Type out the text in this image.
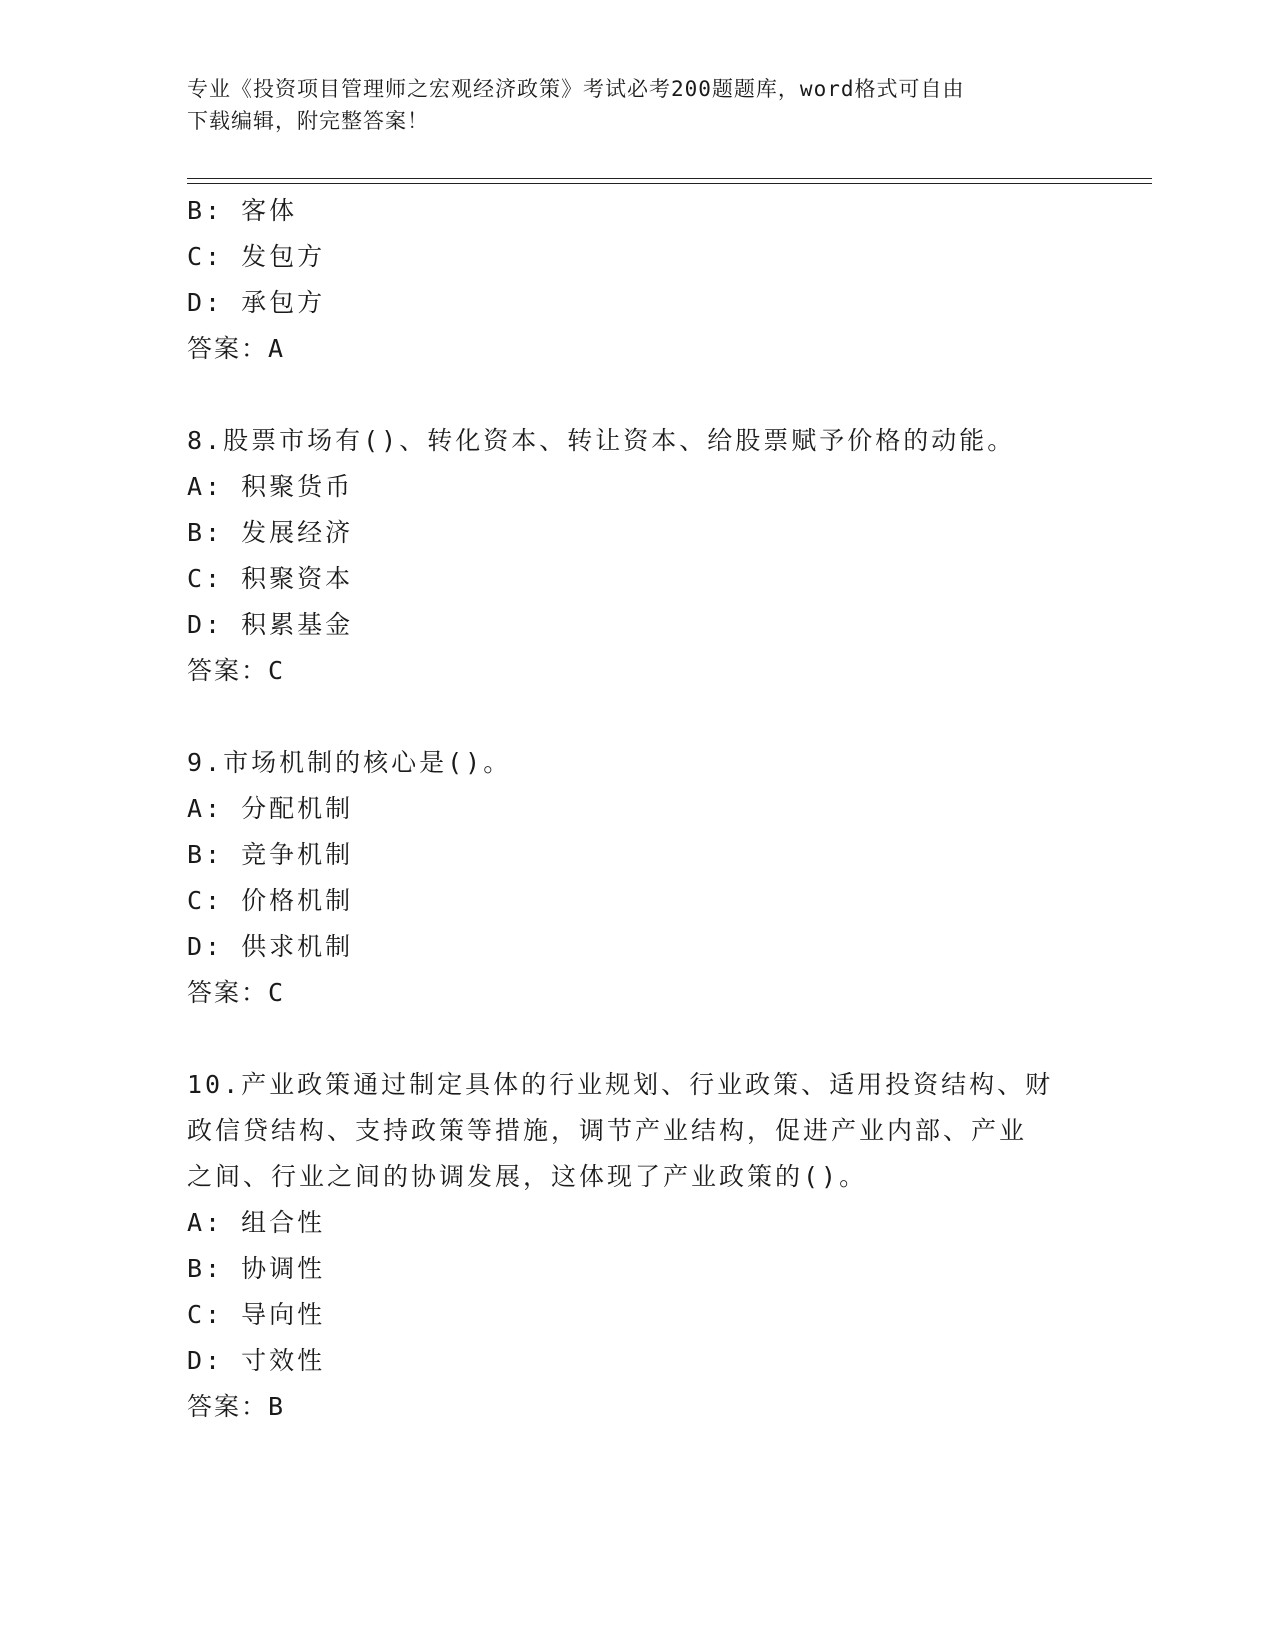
专业《投资项目管理师之宏观经济政策》考试必考200题题库，word格式可自由

下载编辑，附完整答案！

B: 客体

C: 发包方

D: 承包方

答案：A

8.股票市场有()、转化资本、转让资本、给股票赋予价格的动能。

A: 积聚货币

B: 发展经济

C: 积聚资本

D: 积累基金

答案：C

9.市场机制的核心是()。

A: 分配机制

B: 竞争机制

C: 价格机制

D: 供求机制

答案：C

10.产业政策通过制定具体的行业规划、行业政策、适用投资结构、财

政信贷结构、支持政策等措施，调节产业结构，促进产业内部、产业

之间、行业之间的协调发展，这体现了产业政策的()。

A: 组合性

B: 协调性

C: 导向性

D: 寸效性

答案：B
